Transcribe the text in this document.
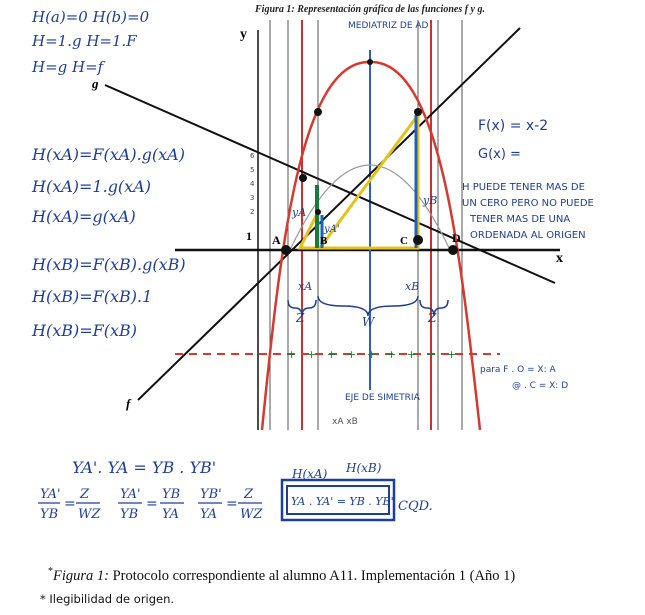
Figura 1: Representación gráfica de las funciones f y g.
y
x
g
f
A	B	C	D
1
6
5
4
3
2
MEDIATRIZ DE AD
EJE DE SIMETRIA
yA
yA'
yB
xA	xB
Z	W	Z
+ + + + + + + + +
para F . O = X: A
@ . C = X: D
xA xB
H(a)=0 H(b)=0
H=1.g H=1.F
H=g H=f
H(xA)=F(xA).g(xA)
H(xA)=1.g(xA)
H(xA)=g(xA)
H(xB)=F(xB).g(xB)
H(xB)=F(xB).1
H(xB)=F(xB)
F(x) = x-2
G(x) =
H PUEDE TENER MAS DE
UN CERO PERO NO PUEDE
TENER MAS DE UNA
ORDENADA AL ORIGEN
YA'. YA = YB . YB'
YA'
YB
=
Z
WZ
YA'
YB
=
YB
YA
YB'
YA
=
Z
WZ
H(xA) H(xB)
YA . YA' = YB . YB' CQD.
*Figura 1: Protocolo correspondiente al alumno A11. Implementación 1 (Año 1)
* Ilegibilidad de origen.
